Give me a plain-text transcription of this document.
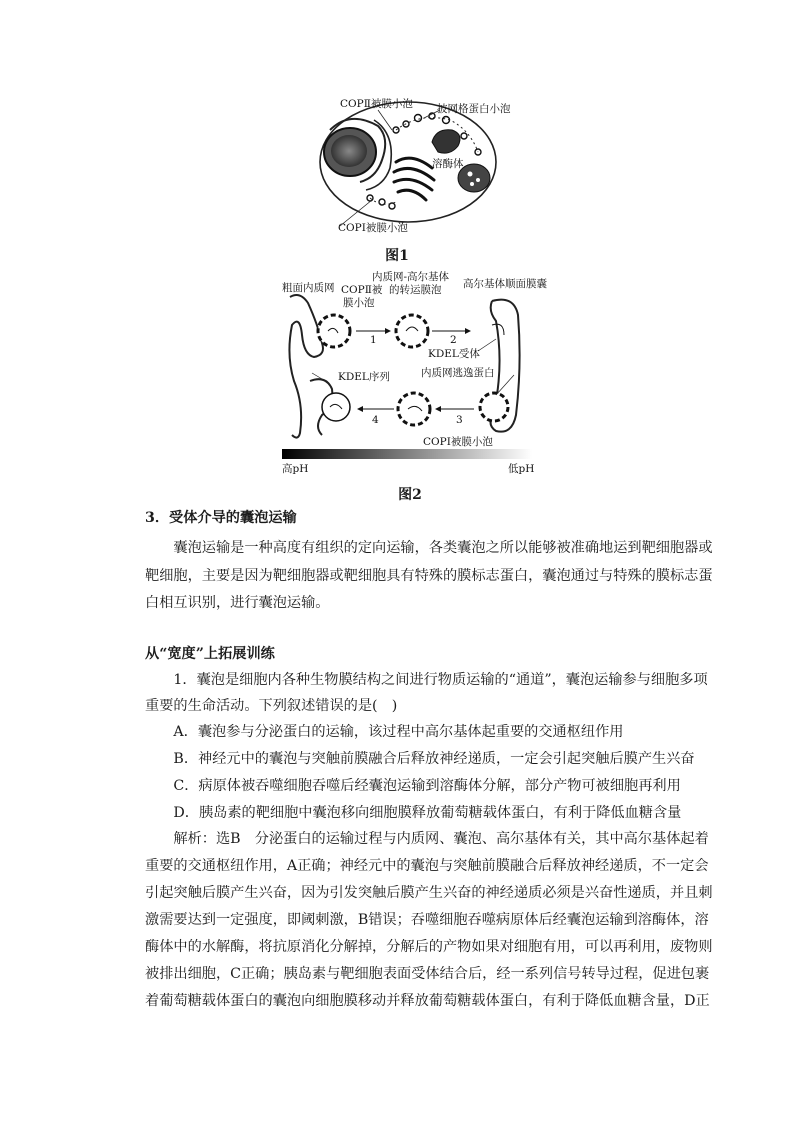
COPⅡ被膜小泡 披网格蛋白小泡
溶酶体
COPⅠ被膜小泡
图1
粗面内质网 COPⅡ被
膜小泡
内质网-高尔基体
的转运膜泡 高尔基体顺面膜囊
KDEL受体
KDEL序列	内质网逃逸蛋白
COPⅠ被膜小泡
1	2
3
4
高pH	低pH
图2
3．受体介导的囊泡运输
囊泡运输是一种高度有组织的定向运输，各类囊泡之所以能够被准确地运到靶细胞器或
靶细胞，主要是因为靶细胞器或靶细胞具有特殊的膜标志蛋白，囊泡通过与特殊的膜标志蛋
白相互识别，进行囊泡运输。
从“宽度”上拓展训练
1．囊泡是细胞内各种生物膜结构之间进行物质运输的“通道”，囊泡运输参与细胞多项
重要的生命活动。下列叙述错误的是(　)
A．囊泡参与分泌蛋白的运输，该过程中高尔基体起重要的交通枢纽作用
B．神经元中的囊泡与突触前膜融合后释放神经递质，一定会引起突触后膜产生兴奋
C．病原体被吞噬细胞吞噬后经囊泡运输到溶酶体分解，部分产物可被细胞再利用
D．胰岛素的靶细胞中囊泡移向细胞膜释放葡萄糖载体蛋白，有利于降低血糖含量
解析：选B　分泌蛋白的运输过程与内质网、囊泡、高尔基体有关，其中高尔基体起着
重要的交通枢纽作用，A正确；神经元中的囊泡与突触前膜融合后释放神经递质，不一定会
引起突触后膜产生兴奋，因为引发突触后膜产生兴奋的神经递质必须是兴奋性递质，并且刺
激需要达到一定强度，即阈刺激，B错误；吞噬细胞吞噬病原体后经囊泡运输到溶酶体，溶
酶体中的水解酶，将抗原消化分解掉，分解后的产物如果对细胞有用，可以再利用，废物则
被排出细胞，C正确；胰岛素与靶细胞表面受体结合后，经一系列信号转导过程，促进包裹
着葡萄糖载体蛋白的囊泡向细胞膜移动并释放葡萄糖载体蛋白，有利于降低血糖含量，D正
